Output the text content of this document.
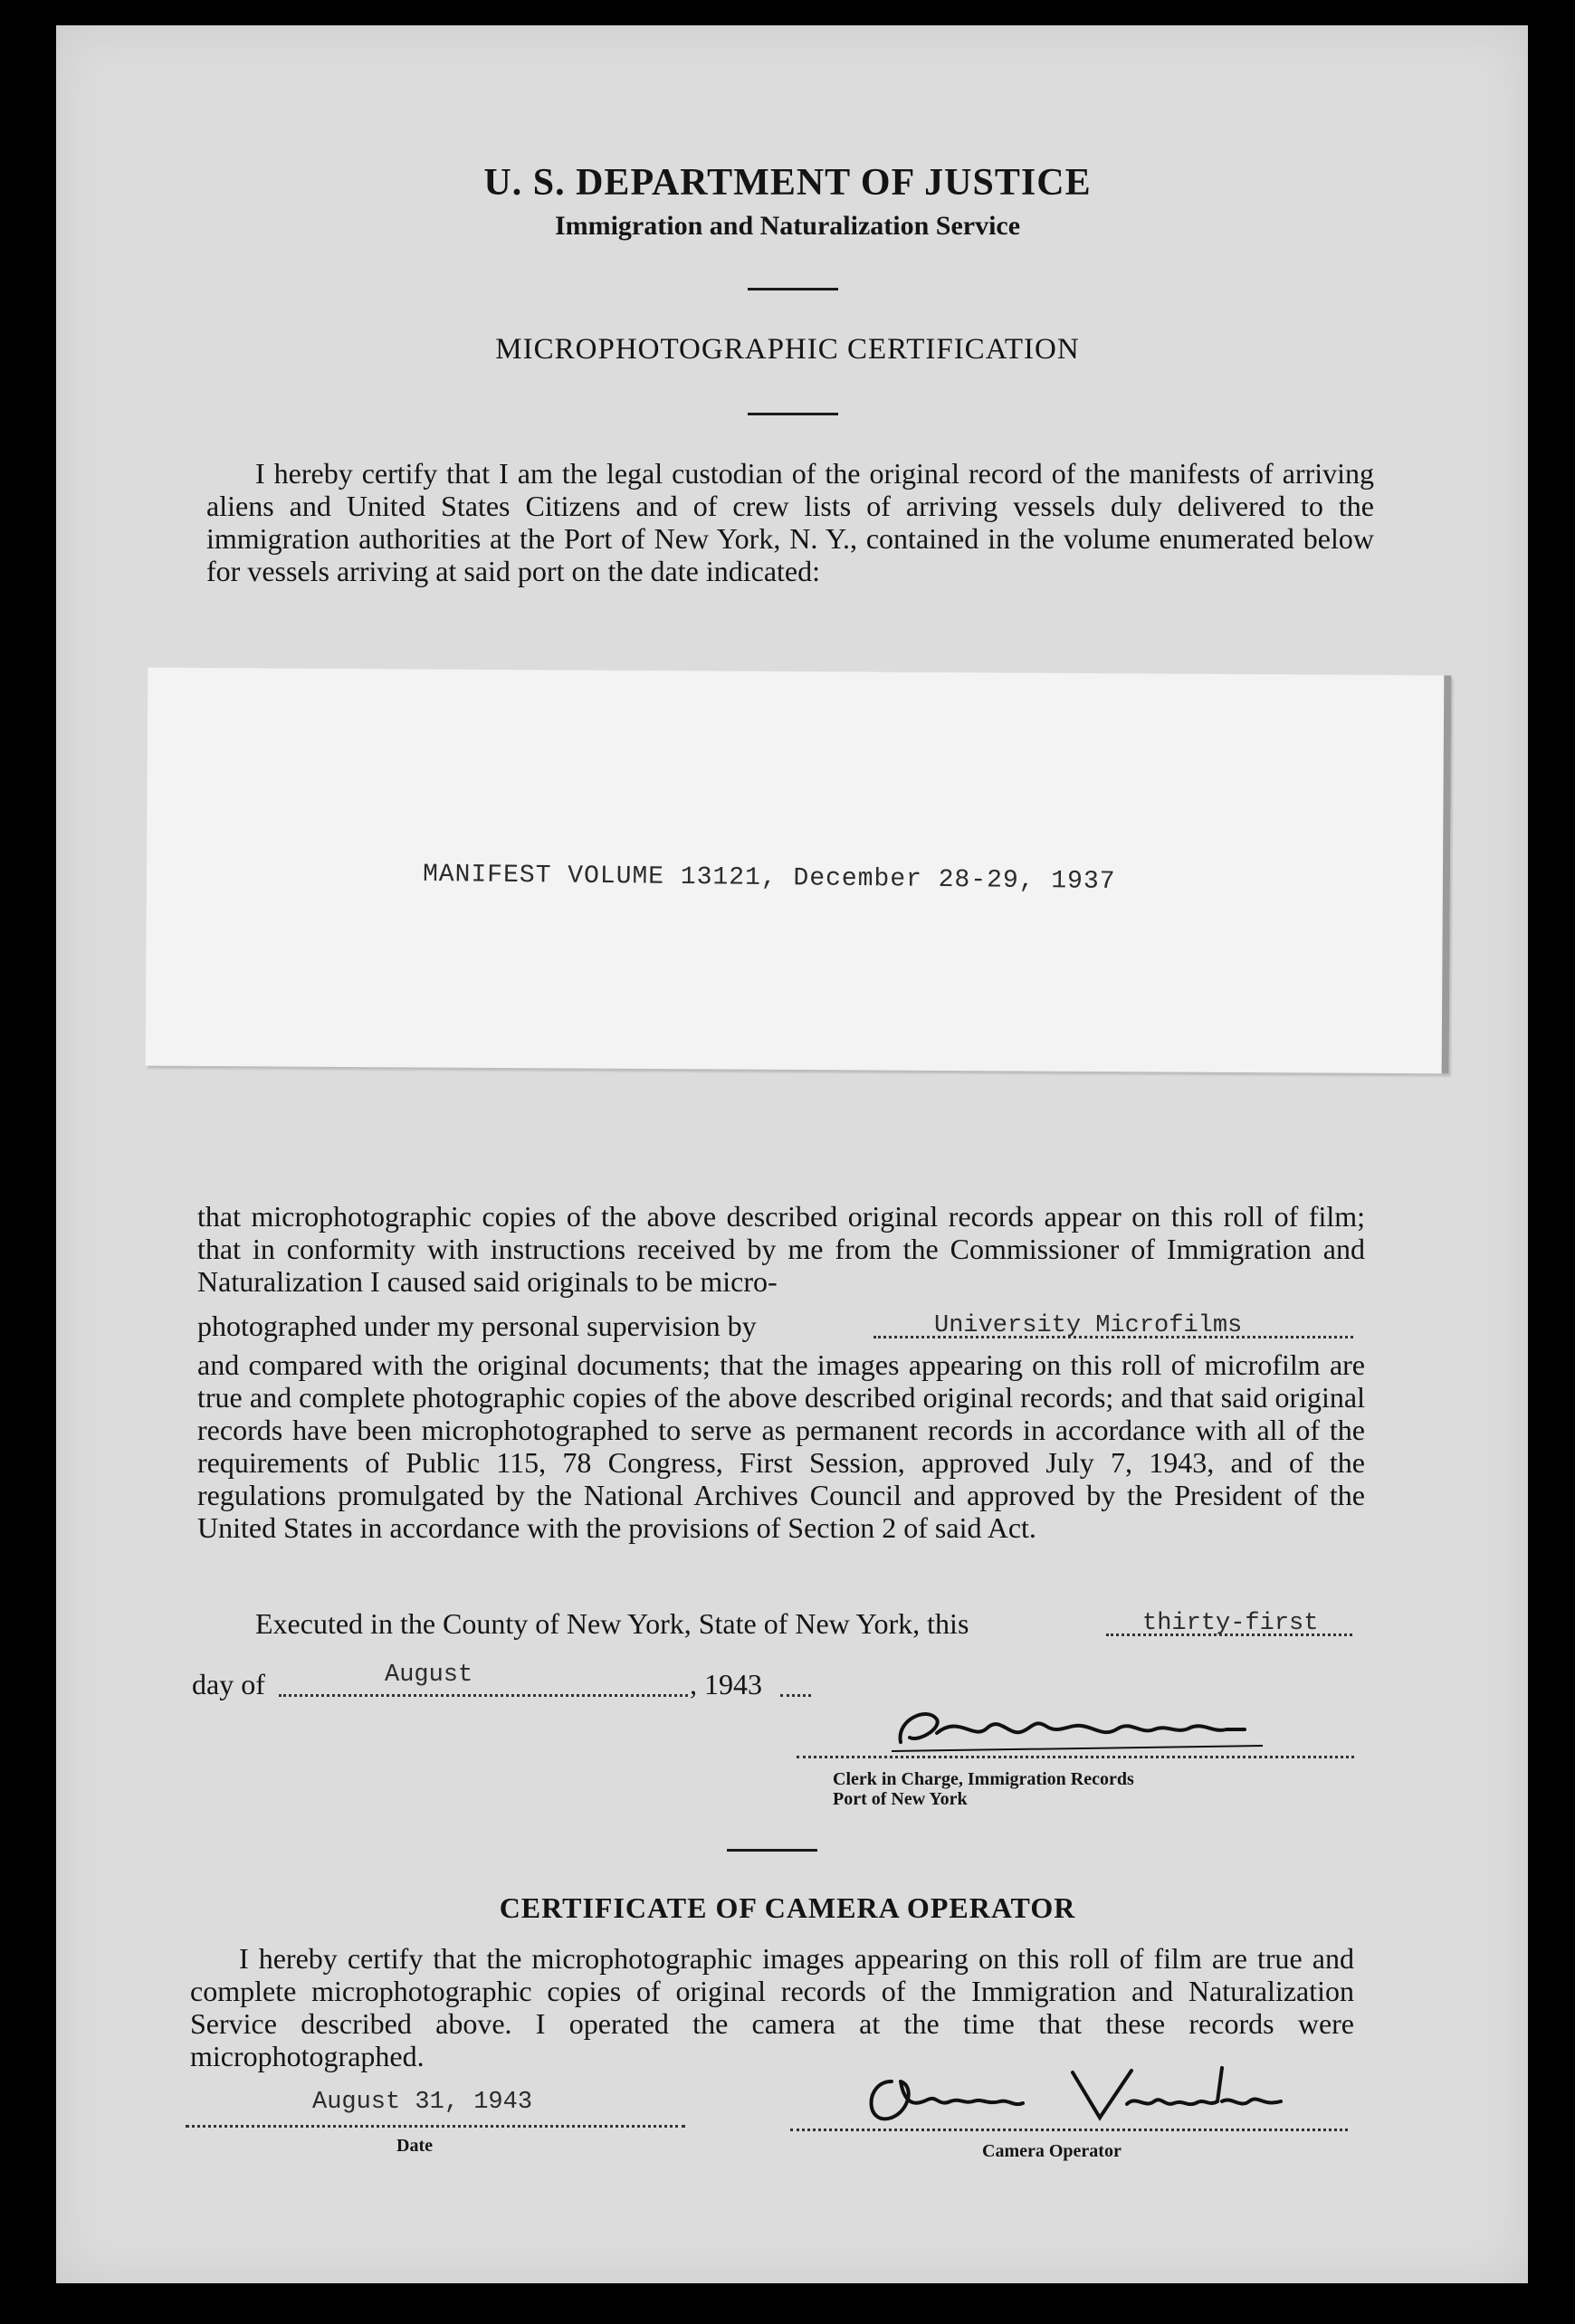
U. S. DEPARTMENT OF JUSTICE
Immigration and Naturalization Service
MICROPHOTOGRAPHIC CERTIFICATION
I hereby certify that I am the legal custodian of the original record of the manifests of arriving aliens and United States Citizens and of crew lists of arriving vessels duly delivered to the immigration authorities at the Port of New York, N. Y., contained in the volume enumerated below for vessels arriving at said port on the date indicated:
MANIFEST VOLUME 13121, December 28-29, 1937
that microphotographic copies of the above described original records appear on this roll of film; that in conformity with instructions received by me from the Commissioner of Immigration and Naturalization I caused said originals to be micro-
photographed under my personal supervision by	University Microfilms
and compared with the original documents; that the images appearing on this roll of microfilm are true and complete photographic copies of the above described original records; and that said original records have been microphotographed to serve as permanent records in accordance with all of the requirements of Public 115, 78 Congress, First Session, approved July 7, 1943, and of the regulations promulgated by the National Archives Council and approved by the President of the United States in accordance with the provisions of Section 2 of said Act.
Executed in the County of New York, State of New York, this	thirty-first
day of	August	, 1943
Clerk in Charge, Immigration Records
Port of New York
CERTIFICATE OF CAMERA OPERATOR
I hereby certify that the microphotographic images appearing on this roll of film are true and complete microphotographic copies of original records of the Immigration and Naturalization Service described above. I operated the camera at the time that these records were microphotographed.
August 31, 1943
Date	Camera Operator
